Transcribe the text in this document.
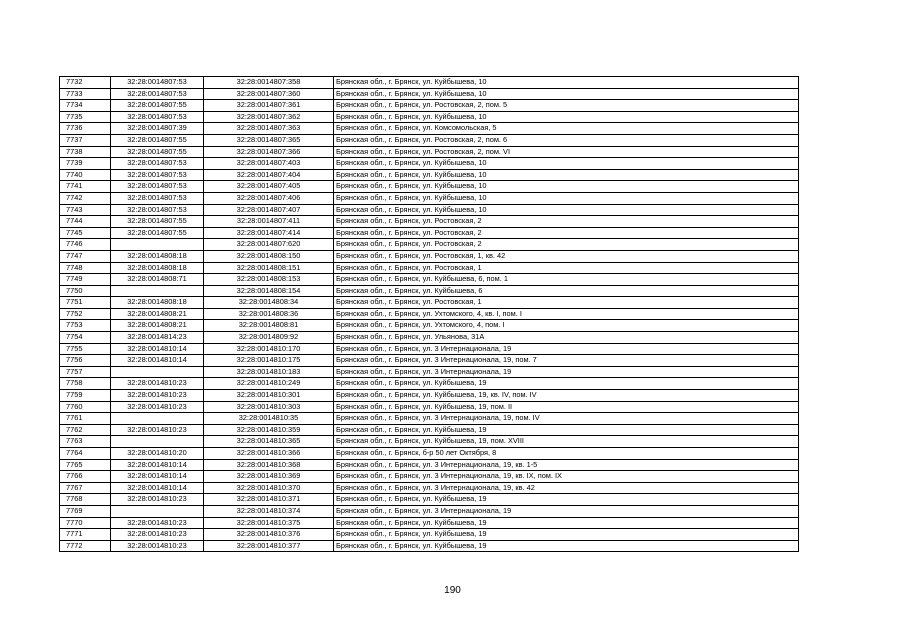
7732	32:28:0014807:53	32:28:0014807:358	Брянская обл., г. Брянск, ул. Куйбышева, 10
7733	32:28:0014807:53	32:28:0014807:360	Брянская обл., г. Брянск, ул. Куйбышева, 10
7734	32:28:0014807:55	32:28:0014807:361	Брянская обл., г. Брянск, ул. Ростовская, 2, пом. 5
7735	32:28:0014807:53	32:28:0014807:362	Брянская обл., г. Брянск, ул. Куйбышева, 10
7736	32:28:0014807:39	32:28:0014807:363	Брянская обл., г. Брянск, ул. Комсомольская, 5
7737	32:28:0014807:55	32:28:0014807:365	Брянская обл., г. Брянск, ул. Ростовская, 2, пом. 6
7738	32:28:0014807:55	32:28:0014807:366	Брянская обл., г. Брянск, ул. Ростовская, 2, пом. VI
7739	32:28:0014807:53	32:28:0014807:403	Брянская обл., г. Брянск, ул. Куйбышева, 10
7740	32:28:0014807:53	32:28:0014807:404	Брянская обл., г. Брянск, ул. Куйбышева, 10
7741	32:28:0014807:53	32:28:0014807:405	Брянская обл., г. Брянск, ул. Куйбышева, 10
7742	32:28:0014807:53	32:28:0014807:406	Брянская обл., г. Брянск, ул. Куйбышева, 10
7743	32:28:0014807:53	32:28:0014807:407	Брянская обл., г. Брянск, ул. Куйбышева, 10
7744	32:28:0014807:55	32:28:0014807:411	Брянская обл., г. Брянск, ул. Ростовская, 2
7745	32:28:0014807:55	32:28:0014807:414	Брянская обл., г. Брянск, ул. Ростовская, 2
7746		32:28:0014807:620	Брянская обл., г. Брянск, ул. Ростовская, 2
7747	32:28:0014808:18	32:28:0014808:150	Брянская обл., г. Брянск, ул. Ростовская, 1, кв. 42
7748	32:28:0014808:18	32:28:0014808:151	Брянская обл., г. Брянск, ул. Ростовская, 1
7749	32:28:0014808:71	32:28:0014808:153	Брянская обл., г. Брянск, ул. Куйбышева, 6, пом. 1
7750		32:28:0014808:154	Брянская обл., г. Брянск, ул. Куйбышева, 6
7751	32:28:0014808:18	32:28:0014808:34	Брянская обл., г. Брянск, ул. Ростовская, 1
7752	32:28:0014808:21	32:28:0014808:36	Брянская обл., г. Брянск, ул. Ухтомского, 4, кв. I, пом. I
7753	32:28:0014808:21	32:28:0014808:81	Брянская обл., г. Брянск, ул. Ухтомского, 4, пом. I
7754	32:28:0014814:23	32:28:0014809:92	Брянская обл., г. Брянск, ул. Ульянова, 31А
7755	32:28:0014810:14	32:28:0014810:170	Брянская обл., г. Брянск, ул. 3 Интернационала, 19
7756	32:28:0014810:14	32:28:0014810:175	Брянская обл., г. Брянск, ул. 3 Интернационала, 19, пом. 7
7757		32:28:0014810:183	Брянская обл., г. Брянск, ул. 3 Интернационала, 19
7758	32:28:0014810:23	32:28:0014810:249	Брянская обл., г. Брянск, ул. Куйбышева, 19
7759	32:28:0014810:23	32:28:0014810:301	Брянская обл., г. Брянск, ул. Куйбышева, 19, кв. IV, пом. IV
7760	32:28:0014810:23	32:28:0014810:303	Брянская обл., г. Брянск, ул. Куйбышева, 19, пом. II
7761		32:28:0014810:35	Брянская обл., г. Брянск, ул. 3 Интернационала, 19, пом. IV
7762	32:28:0014810:23	32:28:0014810:359	Брянская обл., г. Брянск, ул. Куйбышева, 19
7763		32:28:0014810:365	Брянская обл., г. Брянск, ул. Куйбышева, 19, пом. XVIII
7764	32:28:0014810:20	32:28:0014810:366	Брянская обл., г. Брянск, б-р 50 лет Октября, 8
7765	32:28:0014810:14	32:28:0014810:368	Брянская обл., г. Брянск, ул. 3 Интернационала, 19, кв. 1-5
7766	32:28:0014810:14	32:28:0014810:369	Брянская обл., г. Брянск, ул. 3 Интернационала, 19, кв. IX, пом. IX
7767	32:28:0014810:14	32:28:0014810:370	Брянская обл., г. Брянск, ул. 3 Интернационала, 19, кв. 42
7768	32:28:0014810:23	32:28:0014810:371	Брянская обл., г. Брянск, ул. Куйбышева, 19
7769		32:28:0014810:374	Брянская обл., г. Брянск, ул. 3 Интернационала, 19
7770	32:28:0014810:23	32:28:0014810:375	Брянская обл., г. Брянск, ул. Куйбышева, 19
7771	32:28:0014810:23	32:28:0014810:376	Брянская обл., г. Брянск, ул. Куйбышева, 19
7772	32:28:0014810:23	32:28:0014810:377	Брянская обл., г. Брянск, ул. Куйбышева, 19
190
